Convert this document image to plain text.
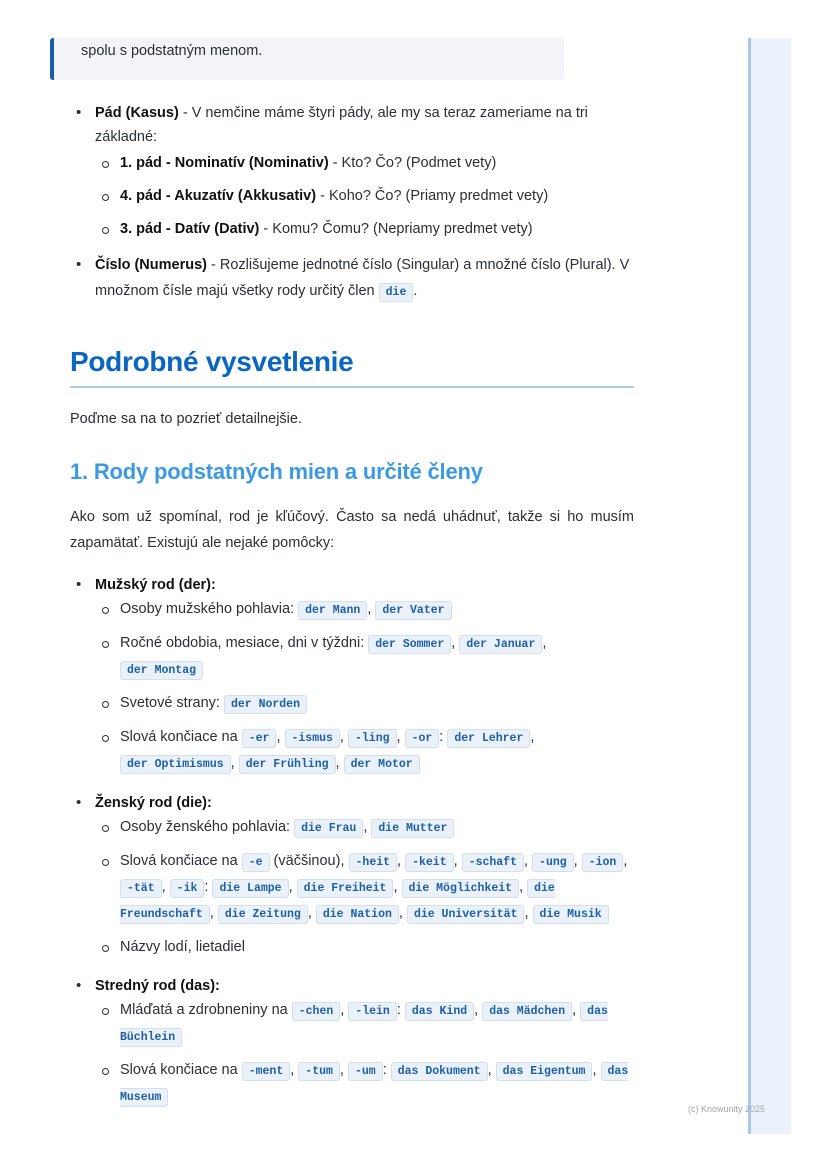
spolu s podstatným menom.
• Pád (Kasus) - V nemčine máme štyri pády, ale my sa teraz zameriame na tri základné:
1. pád - Nominatív (Nominativ) - Kto? Čo? (Podmet vety)
4. pád - Akuzatív (Akkusativ) - Koho? Čo? (Priamy predmet vety)
3. pád - Datív (Dativ) - Komu? Čomu? (Nepriamy predmet vety)
• Číslo (Numerus) - Rozlišujeme jednotné číslo (Singular) a množné číslo (Plural). V množnom čísle majú všetky rody určitý člen die .
Podrobné vysvetlenie
Poďme sa na to pozrieť detailnejšie.
1. Rody podstatných mien a určité členy
Ako som už spomínal, rod je kľúčový. Často sa nedá uhádnuť, takže si ho musím zapamätať. Existujú ale nejaké pomôcky:
• Mužský rod (der):
Osoby mužského pohlavia: der Mann , der Vater
Ročné obdobia, mesiace, dni v týždni: der Sommer , der Januar ,
der Montag
Svetové strany: der Norden
Slová končiace na -er , -ismus , -ling , -or : der Lehrer ,
der Optimismus , der Frühling , der Motor
• Ženský rod (die):
Osoby ženského pohlavia: die Frau , die Mutter
Slová končiace na -e (väčšinou), -heit , -keit , -schaft , -ung , -ion , -tät , -ik : die Lampe , die Freiheit , die Möglichkeit , die Freundschaft , die Zeitung , die Nation , die Universität , die Musik
Názvy lodí, lietadiel
• Stredný rod (das):
Mláďatá a zdrobneniny na -chen , -lein : das Kind , das Mädchen , das Büchlein
Slová končiace na -ment , -tum , -um : das Dokument , das Eigentum , das Museum
(c) Knowunity 2025
